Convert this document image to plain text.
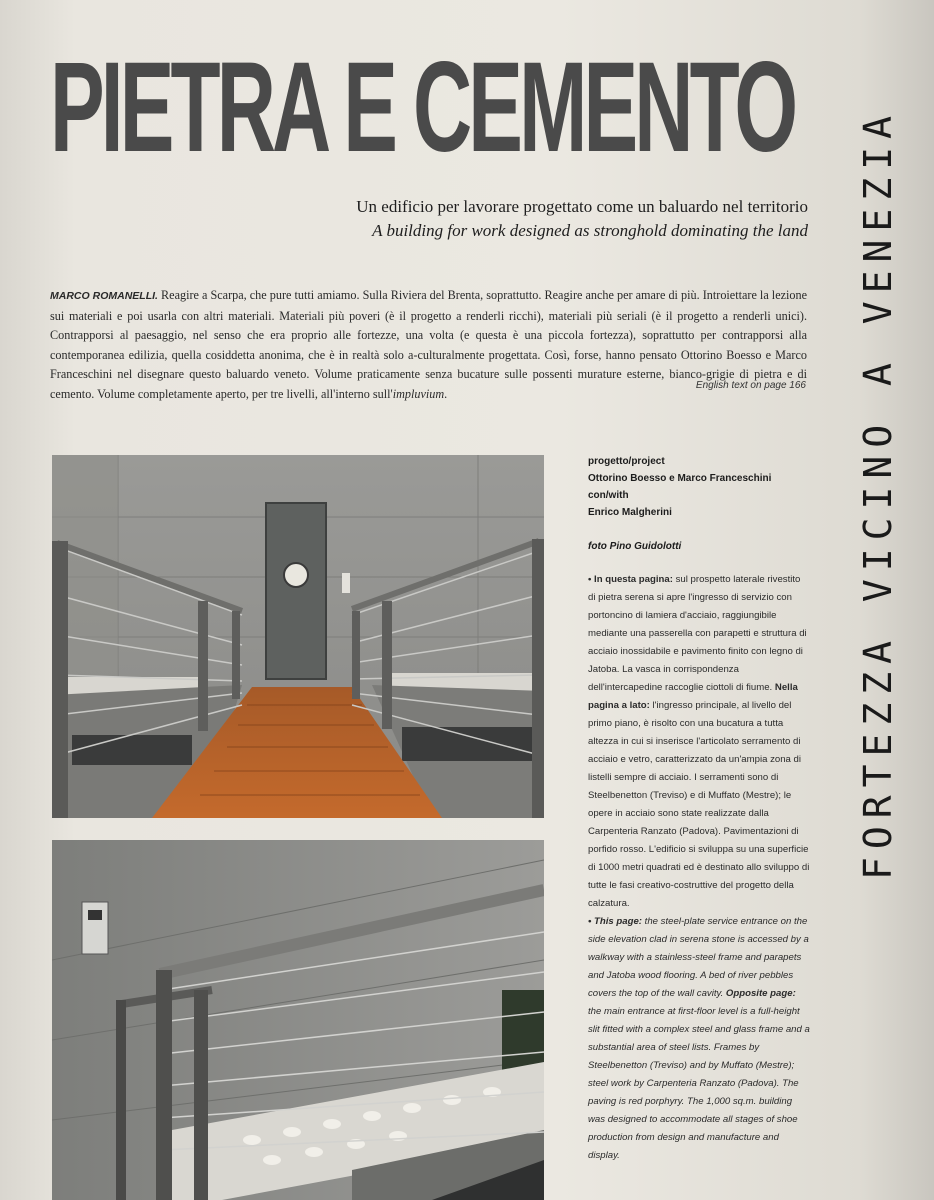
PIETRA E CEMENTO
FORTEZZA VICINO A VENEZIA
Un edificio per lavorare progettato come un baluardo nel territorio
A building for work designed as stronghold dominating the land
MARCO ROMANELLI. Reagire a Scarpa, che pure tutti amiamo. Sulla Riviera del Brenta, soprattutto. Reagire anche per amare di più. Introiettare la lezione sui materiali e poi usarla con altri materiali. Materiali più poveri (è il progetto a renderli ricchi), materiali più seriali (è il progetto a renderli unici). Contrapporsi al paesaggio, nel senso che era proprio alle fortezze, una volta (e questa è una piccola fortezza), soprattutto per contrapporsi alla contemporanea edilizia, quella cosiddetta anonima, che è in realtà solo a-culturalmente progettata. Così, forse, hanno pensato Ottorino Boesso e Marco Franceschini nel disegnare questo baluardo veneto. Volume praticamente senza bucature sulle possenti murature esterne, bianco-grigie di pietra e di cemento. Volume completamente aperto, per tre livelli, all'interno sull'impluvium.
English text on page 166
progetto/project
Ottorino Boesso e Marco Franceschini
con/with
Enrico Malgherini
foto Pino Guidolotti
• In questa pagina: sul prospetto laterale rivestito di pietra serena si apre l'ingresso di servizio con portoncino di lamiera d'acciaio, raggiungibile mediante una passerella con parapetti e struttura di acciaio inossidabile e pavimento finito con legno di Jatoba. La vasca in corrispondenza dell'intercapedine raccoglie ciottoli di fiume. Nella pagina a lato: l'ingresso principale, al livello del primo piano, è risolto con una bucatura a tutta altezza in cui si inserisce l'articolato serramento di acciaio e vetro, caratterizzato da un'ampia zona di listelli sempre di acciaio. I serramenti sono di Steelbenetton (Treviso) e di Muffato (Mestre); le opere in acciaio sono state realizzate dalla Carpenteria Ranzato (Padova). Pavimentazioni di porfido rosso. L'edificio si sviluppa su una superficie di 1000 metri quadrati ed è destinato allo sviluppo di tutte le fasi creativo-costruttive del progetto della calzatura.
• This page: the steel-plate service entrance on the side elevation clad in serena stone is accessed by a walkway with a stainless-steel frame and parapets and Jatoba wood flooring. A bed of river pebbles covers the top of the wall cavity. Opposite page: the main entrance at first-floor level is a full-height slit fitted with a complex steel and glass frame and a substantial area of steel lists. Frames by Steelbenetton (Treviso) and by Muffato (Mestre); steel work by Carpenteria Ranzato (Padova). The paving is red porphyry. The 1,000 sq.m. building was designed to accommodate all stages of shoe production from design and manufacture and display.
